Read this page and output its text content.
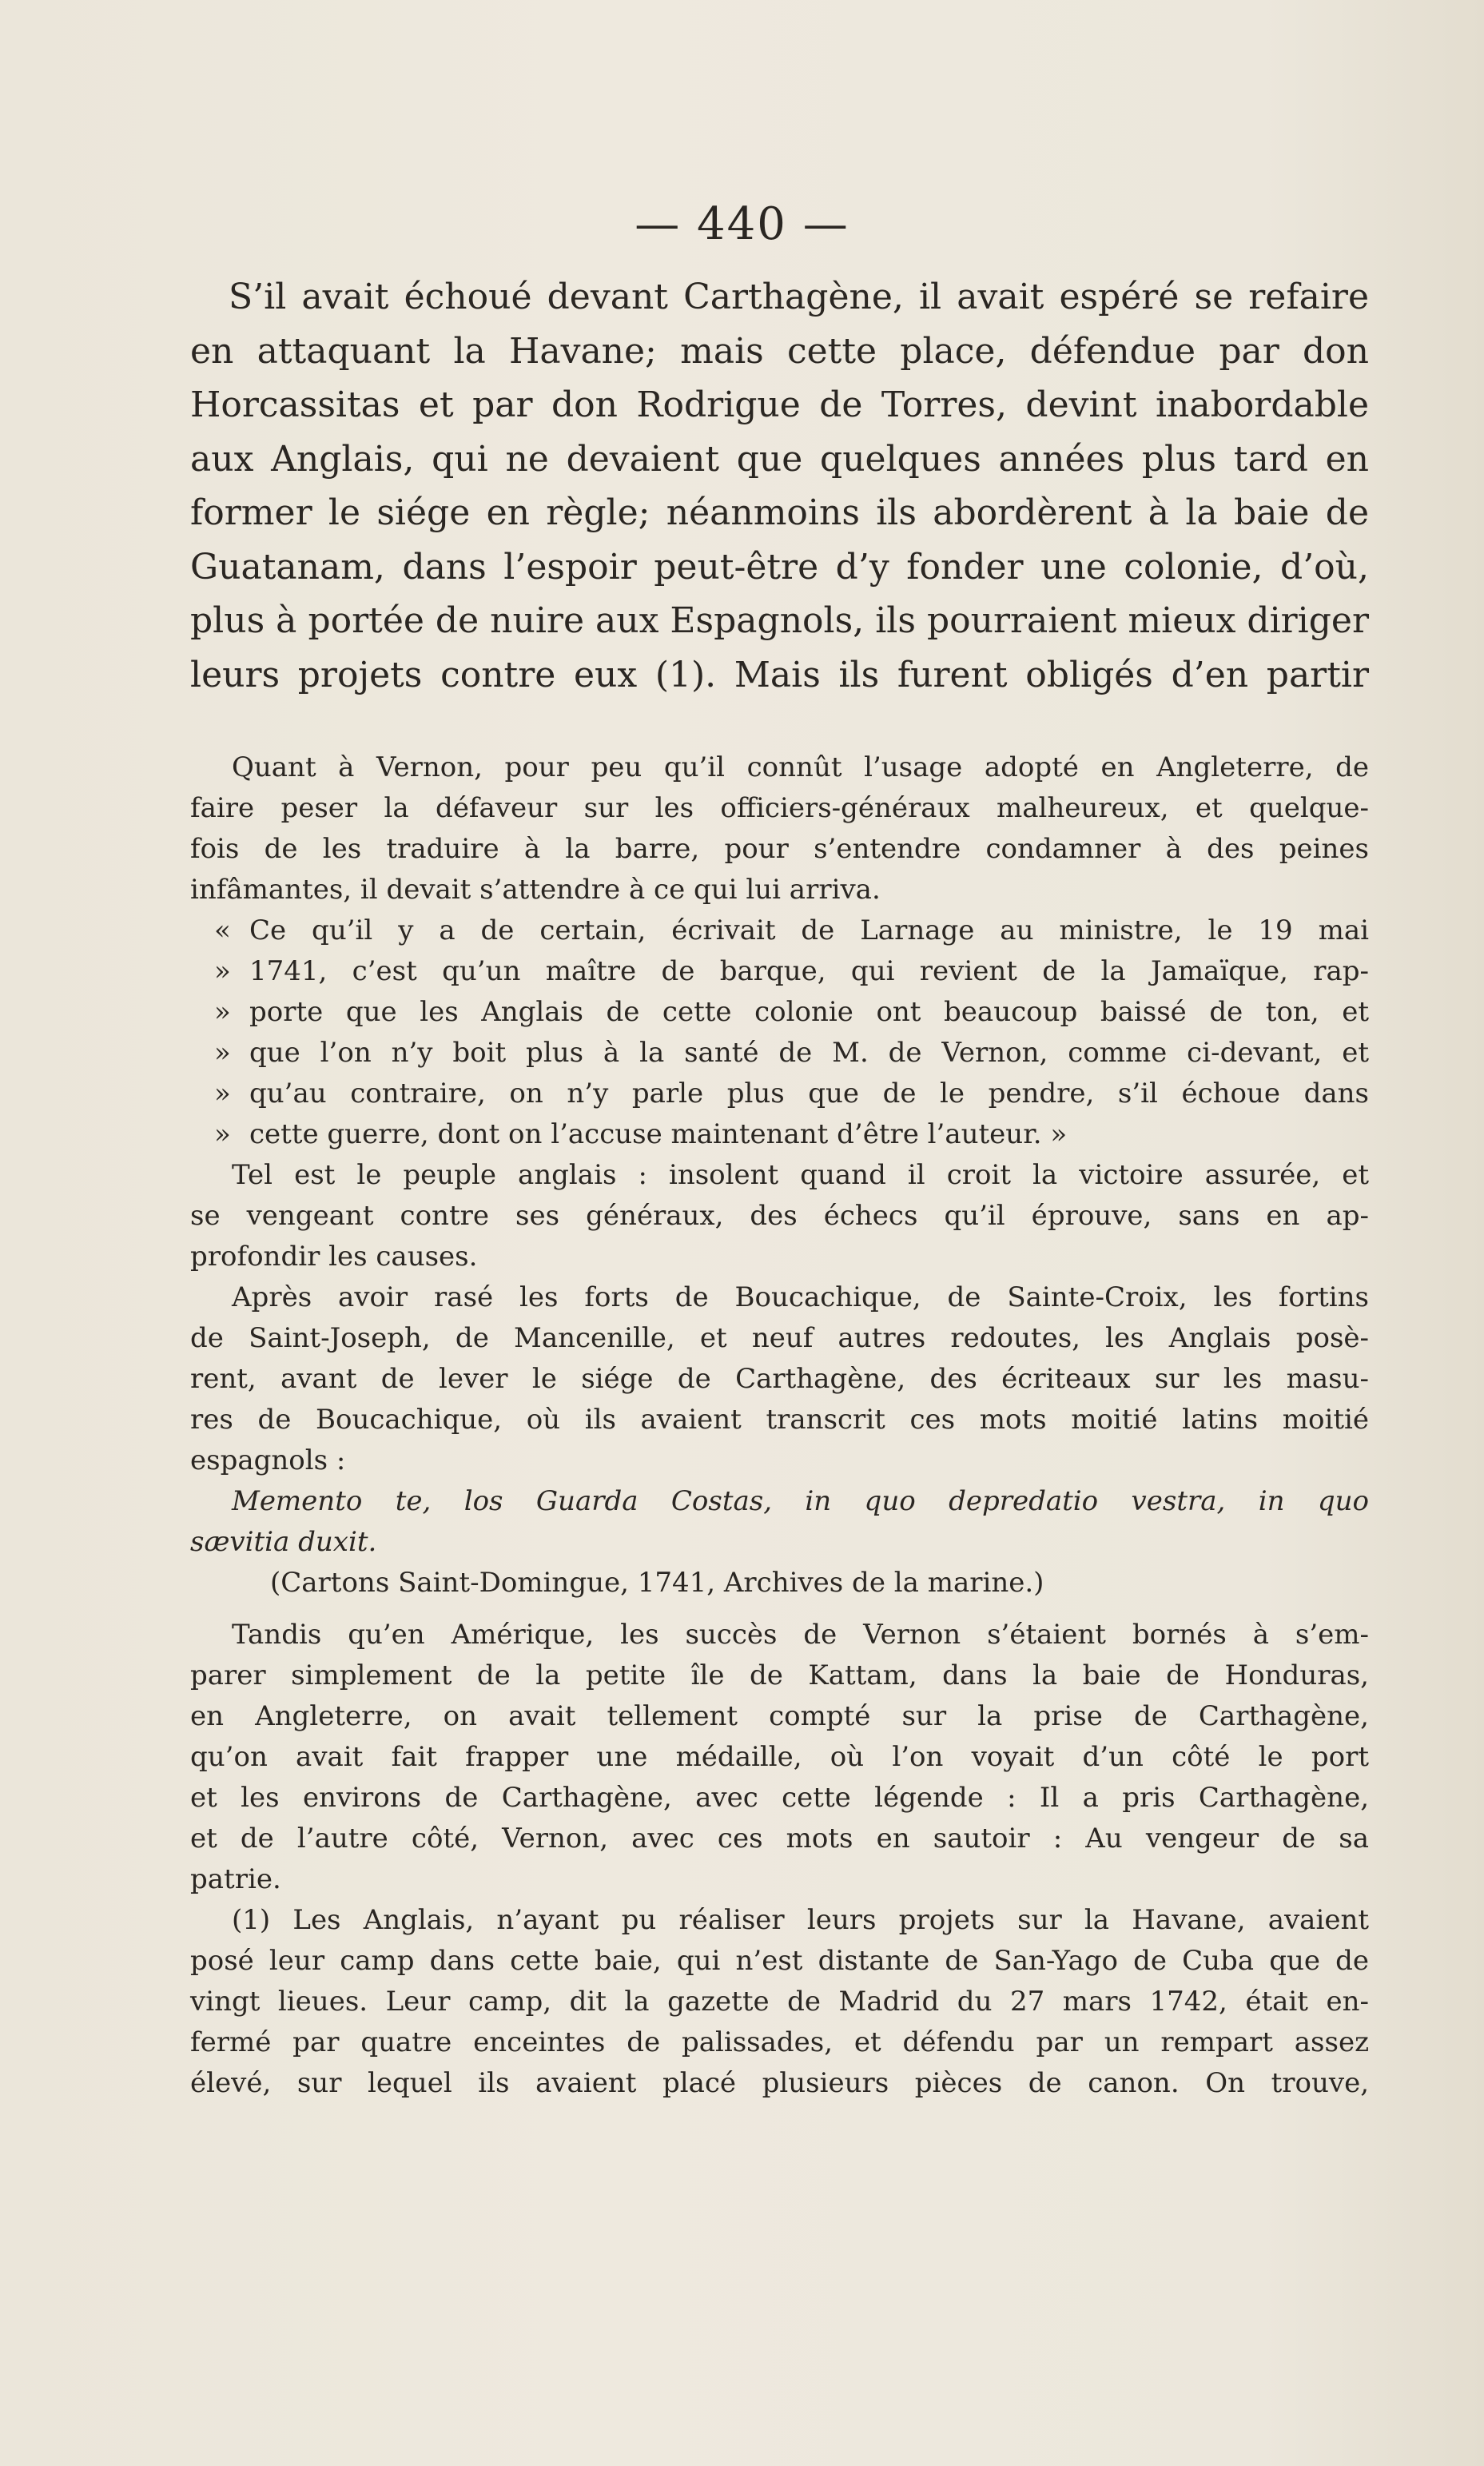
— 440 —

S’il avait échoué devant Carthagène, il avait espéré se refaire en attaquant la Havane; mais cette place, défendue par don Horcassitas et par don Rodrigue de Torres, devint inabordable aux Anglais, qui ne devaient que quelques années plus tard en former le siége en règle; néanmoins ils abordèrent à la baie de Guatanam, dans l’espoir peut-être d’y fonder une colonie, d’où, plus à portée de nuire aux Espagnols, ils pourraient mieux diriger leurs projets contre eux (1). Mais ils furent obligés d’en partir

Quant à Vernon, pour peu qu’il connût l’usage adopté en Angleterre, de
faire peser la défaveur sur les officiers-généraux malheureux, et quelque-
fois de les traduire à la barre, pour s’entendre condamner à des peines
infâmantes, il devait s’attendre à ce qui lui arriva.
« Ce qu’il y a de certain, écrivait de Larnage au ministre, le 19 mai
» 1741, c’est qu’un maître de barque, qui revient de la Jamaïque, rap-
» porte que les Anglais de cette colonie ont beaucoup baissé de ton, et
» que l’on n’y boit plus à la santé de M. de Vernon, comme ci-devant, et
» qu’au contraire, on n’y parle plus que de le pendre, s’il échoue dans
» cette guerre, dont on l’accuse maintenant d’être l’auteur. »
Tel est le peuple anglais : insolent quand il croit la victoire assurée, et
se vengeant contre ses généraux, des échecs qu’il éprouve, sans en ap-
profondir les causes.
Après avoir rasé les forts de Boucachique, de Sainte-Croix, les fortins
de Saint-Joseph, de Mancenille, et neuf autres redoutes, les Anglais posè-
rent, avant de lever le siége de Carthagène, des écriteaux sur les masu-
res de Boucachique, où ils avaient transcrit ces mots moitié latins moitié
espagnols :
Memento te, los Guarda Costas, in quo depredatio vestra, in quo
sævitia duxit.
(Cartons Saint-Domingue, 1741, Archives de la marine.)
Tandis qu’en Amérique, les succès de Vernon s’étaient bornés à s’em-
parer simplement de la petite île de Kattam, dans la baie de Honduras,
en Angleterre, on avait tellement compté sur la prise de Carthagène,
qu’on avait fait frapper une médaille, où l’on voyait d’un côté le port
et les environs de Carthagène, avec cette légende : Il a pris Carthagène,
et de l’autre côté, Vernon, avec ces mots en sautoir : Au vengeur de sa
patrie.
(1) Les Anglais, n’ayant pu réaliser leurs projets sur la Havane, avaient
posé leur camp dans cette baie, qui n’est distante de San-Yago de Cuba que de
vingt lieues. Leur camp, dit la gazette de Madrid du 27 mars 1742, était en-
fermé par quatre enceintes de palissades, et défendu par un rempart assez
élevé, sur lequel ils avaient placé plusieurs pièces de canon. On trouve,
